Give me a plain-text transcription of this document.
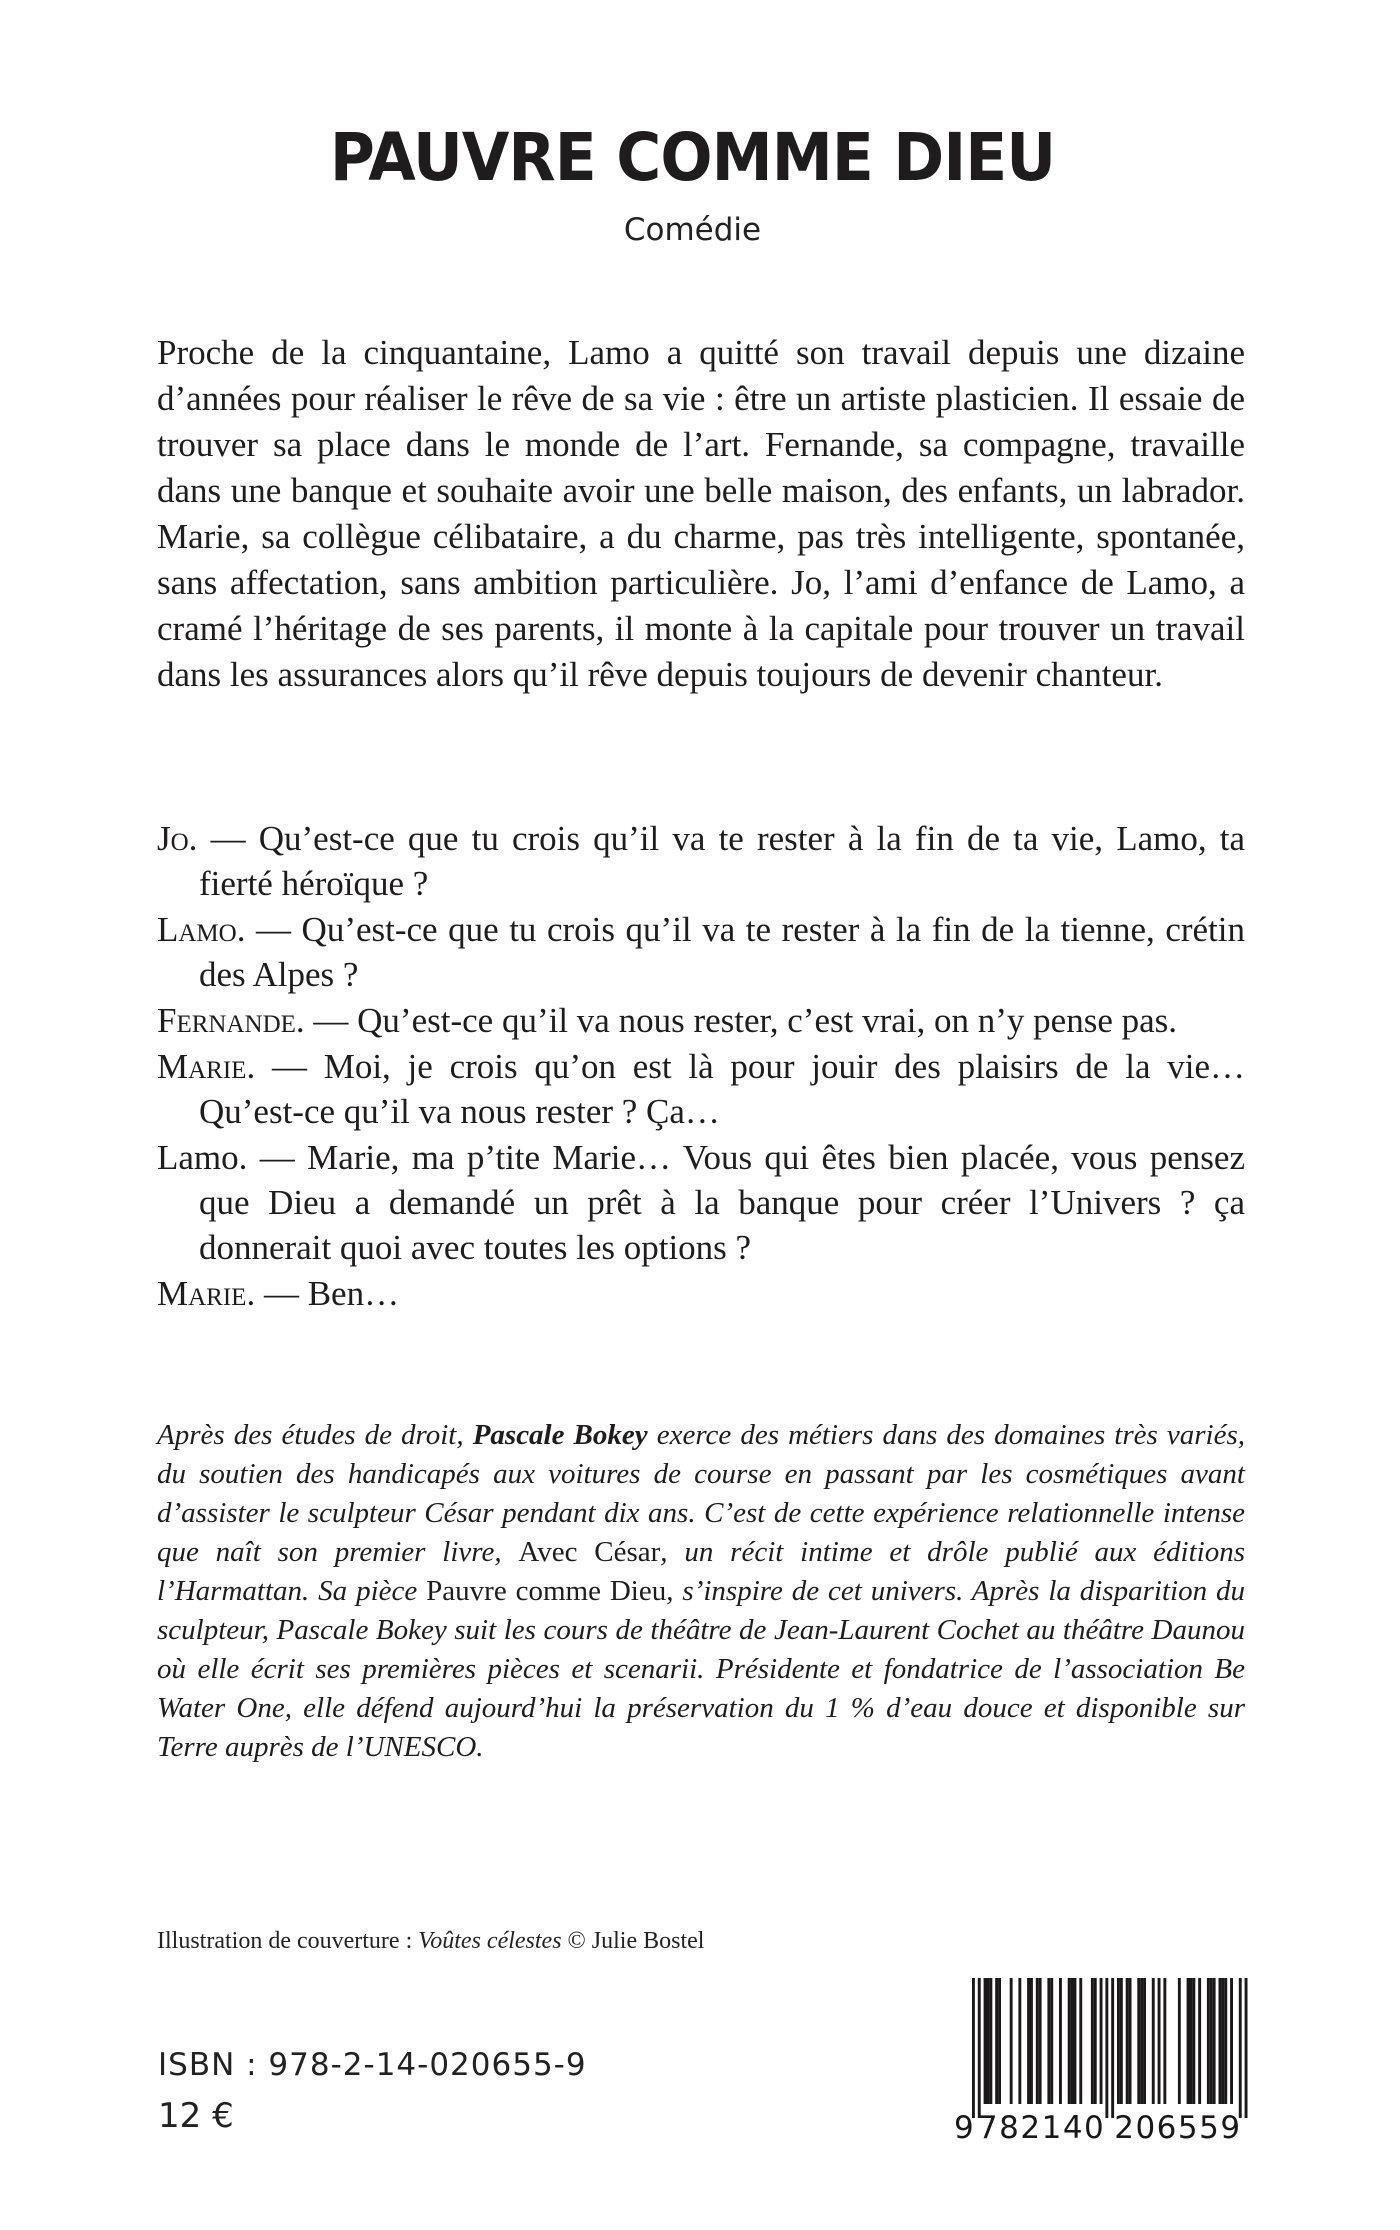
PAUVRE COMME DIEU
Comédie

Proche de la cinquantaine, Lamo a quitté son travail depuis une dizaine d’années pour réaliser le rêve de sa vie : être un artiste plasticien. Il essaie de trouver sa place dans le monde de l’art. Fernande, sa compagne, travaille dans une banque et souhaite avoir une belle maison, des enfants, un labrador. Marie, sa collègue célibataire, a du charme, pas très intelligente, spontanée, sans affectation, sans ambition particulière. Jo, l’ami d’enfance de Lamo, a cramé l’héritage de ses parents, il monte à la capitale pour trouver un travail dans les assurances alors qu’il rêve depuis toujours de devenir chanteur.

Jo. — Qu’est-ce que tu crois qu’il va te rester à la fin de ta vie, Lamo, ta fierté héroïque ?

Lamo. — Qu’est-ce que tu crois qu’il va te rester à la fin de la tienne, crétin des Alpes ?

Fernande. — Qu’est-ce qu’il va nous rester, c’est vrai, on n’y pense pas.

Marie. — Moi, je crois qu’on est là pour jouir des plaisirs de la vie… Qu’est-ce qu’il va nous rester ? Ça…

Lamo. — Marie, ma p’tite Marie… Vous qui êtes bien placée, vous pensez que Dieu a demandé un prêt à la banque pour créer l’Univers ? ça donnerait quoi avec toutes les options ?

Marie. — Ben…

Après des études de droit, Pascale Bokey exerce des métiers dans des domaines très variés, du soutien des handicapés aux voitures de course en passant par les cosmétiques avant d’assister le sculpteur César pendant dix ans. C’est de cette expérience relationnelle intense que naît son premier livre, Avec César, un récit intime et drôle publié aux éditions l’Harmattan. Sa pièce Pauvre comme Dieu, s’inspire de cet univers. Après la disparition du sculpteur, Pascale Bokey suit les cours de théâtre de Jean-Laurent Cochet au théâtre Daunou où elle écrit ses premières pièces et scenarii. Présidente et fondatrice de l’association Be Water One, elle défend aujourd’hui la préservation du 1 % d’eau douce et disponible sur Terre auprès de l’UNESCO.

Illustration de couverture : Voûtes célestes © Julie Bostel
ISBN : 978-2-14-020655-9
12 €	9 782140 206559
